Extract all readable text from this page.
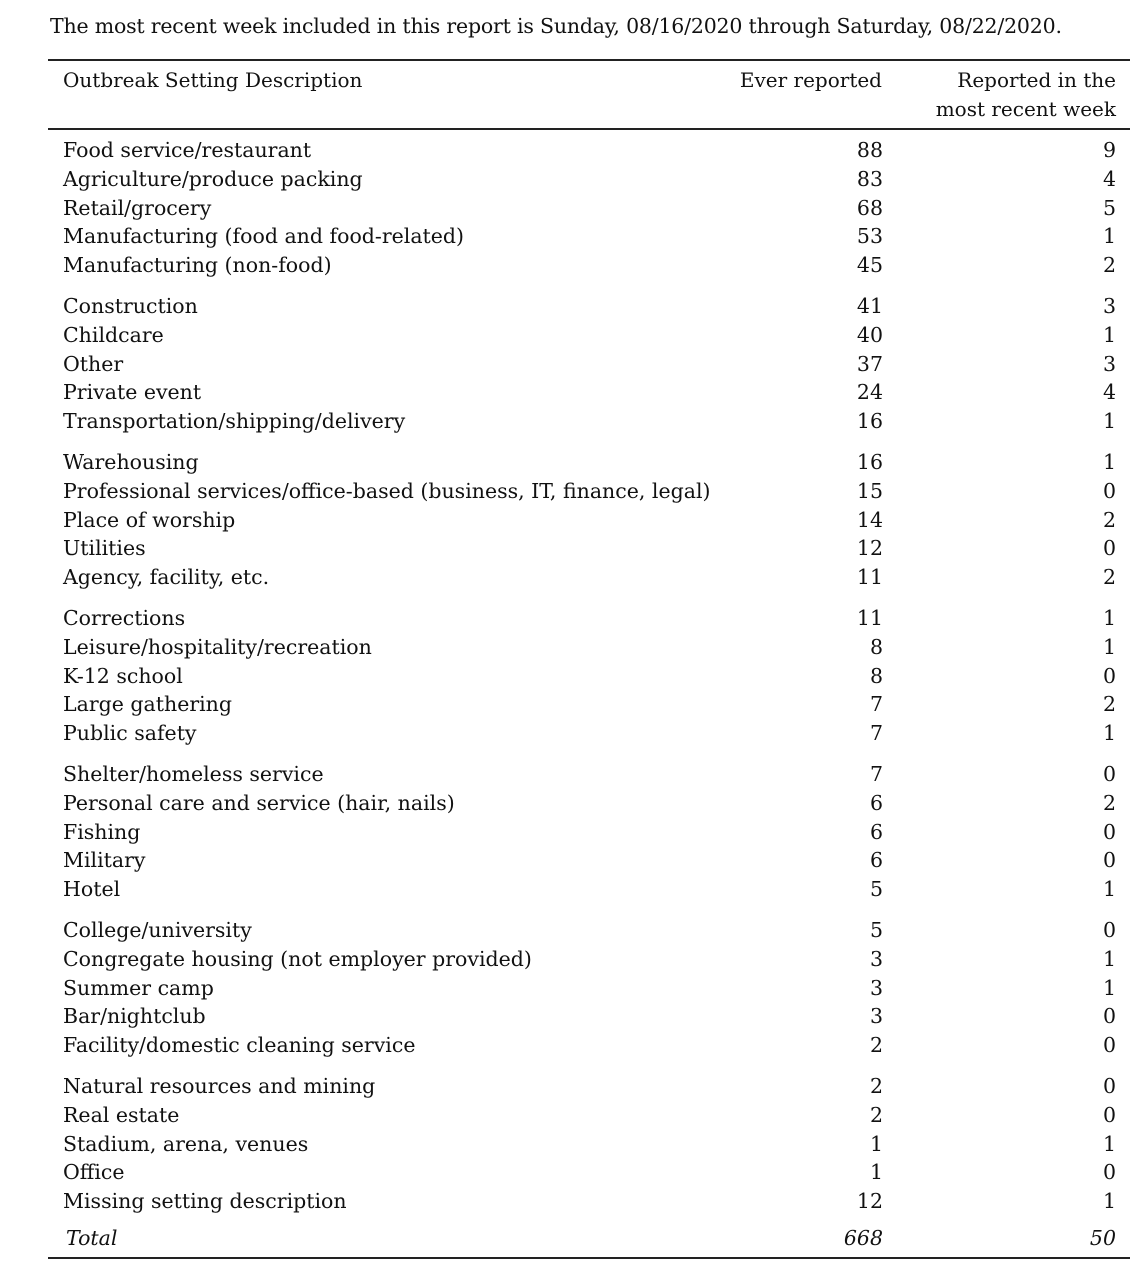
The most recent week included in this report is Sunday, 08/16/2020 through Saturday, 08/22/2020.
Outbreak Setting Description	Ever reported	Reported in the
most recent week
Food service/restaurant	88	9
Agriculture/produce packing	83	4
Retail/grocery	68	5
Manufacturing (food and food-related)	53	1
Manufacturing (non-food)	45	2
Construction	41	3
Childcare	40	1
Other	37	3
Private event	24	4
Transportation/shipping/delivery	16	1
Warehousing	16	1
Professional services/office-based (business, IT, finance, legal)	15	0
Place of worship	14	2
Utilities	12	0
Agency, facility, etc.	11	2
Corrections	11	1
Leisure/hospitality/recreation	8	1
K-12 school	8	0
Large gathering	7	2
Public safety	7	1
Shelter/homeless service	7	0
Personal care and service (hair, nails)	6	2
Fishing	6	0
Military	6	0
Hotel	5	1
College/university	5	0
Congregate housing (not employer provided)	3	1
Summer camp	3	1
Bar/nightclub	3	0
Facility/domestic cleaning service	2	0
Natural resources and mining	2	0
Real estate	2	0
Stadium, arena, venues	1	1
Office	1	0
Missing setting description	12	1
Total	668	50
